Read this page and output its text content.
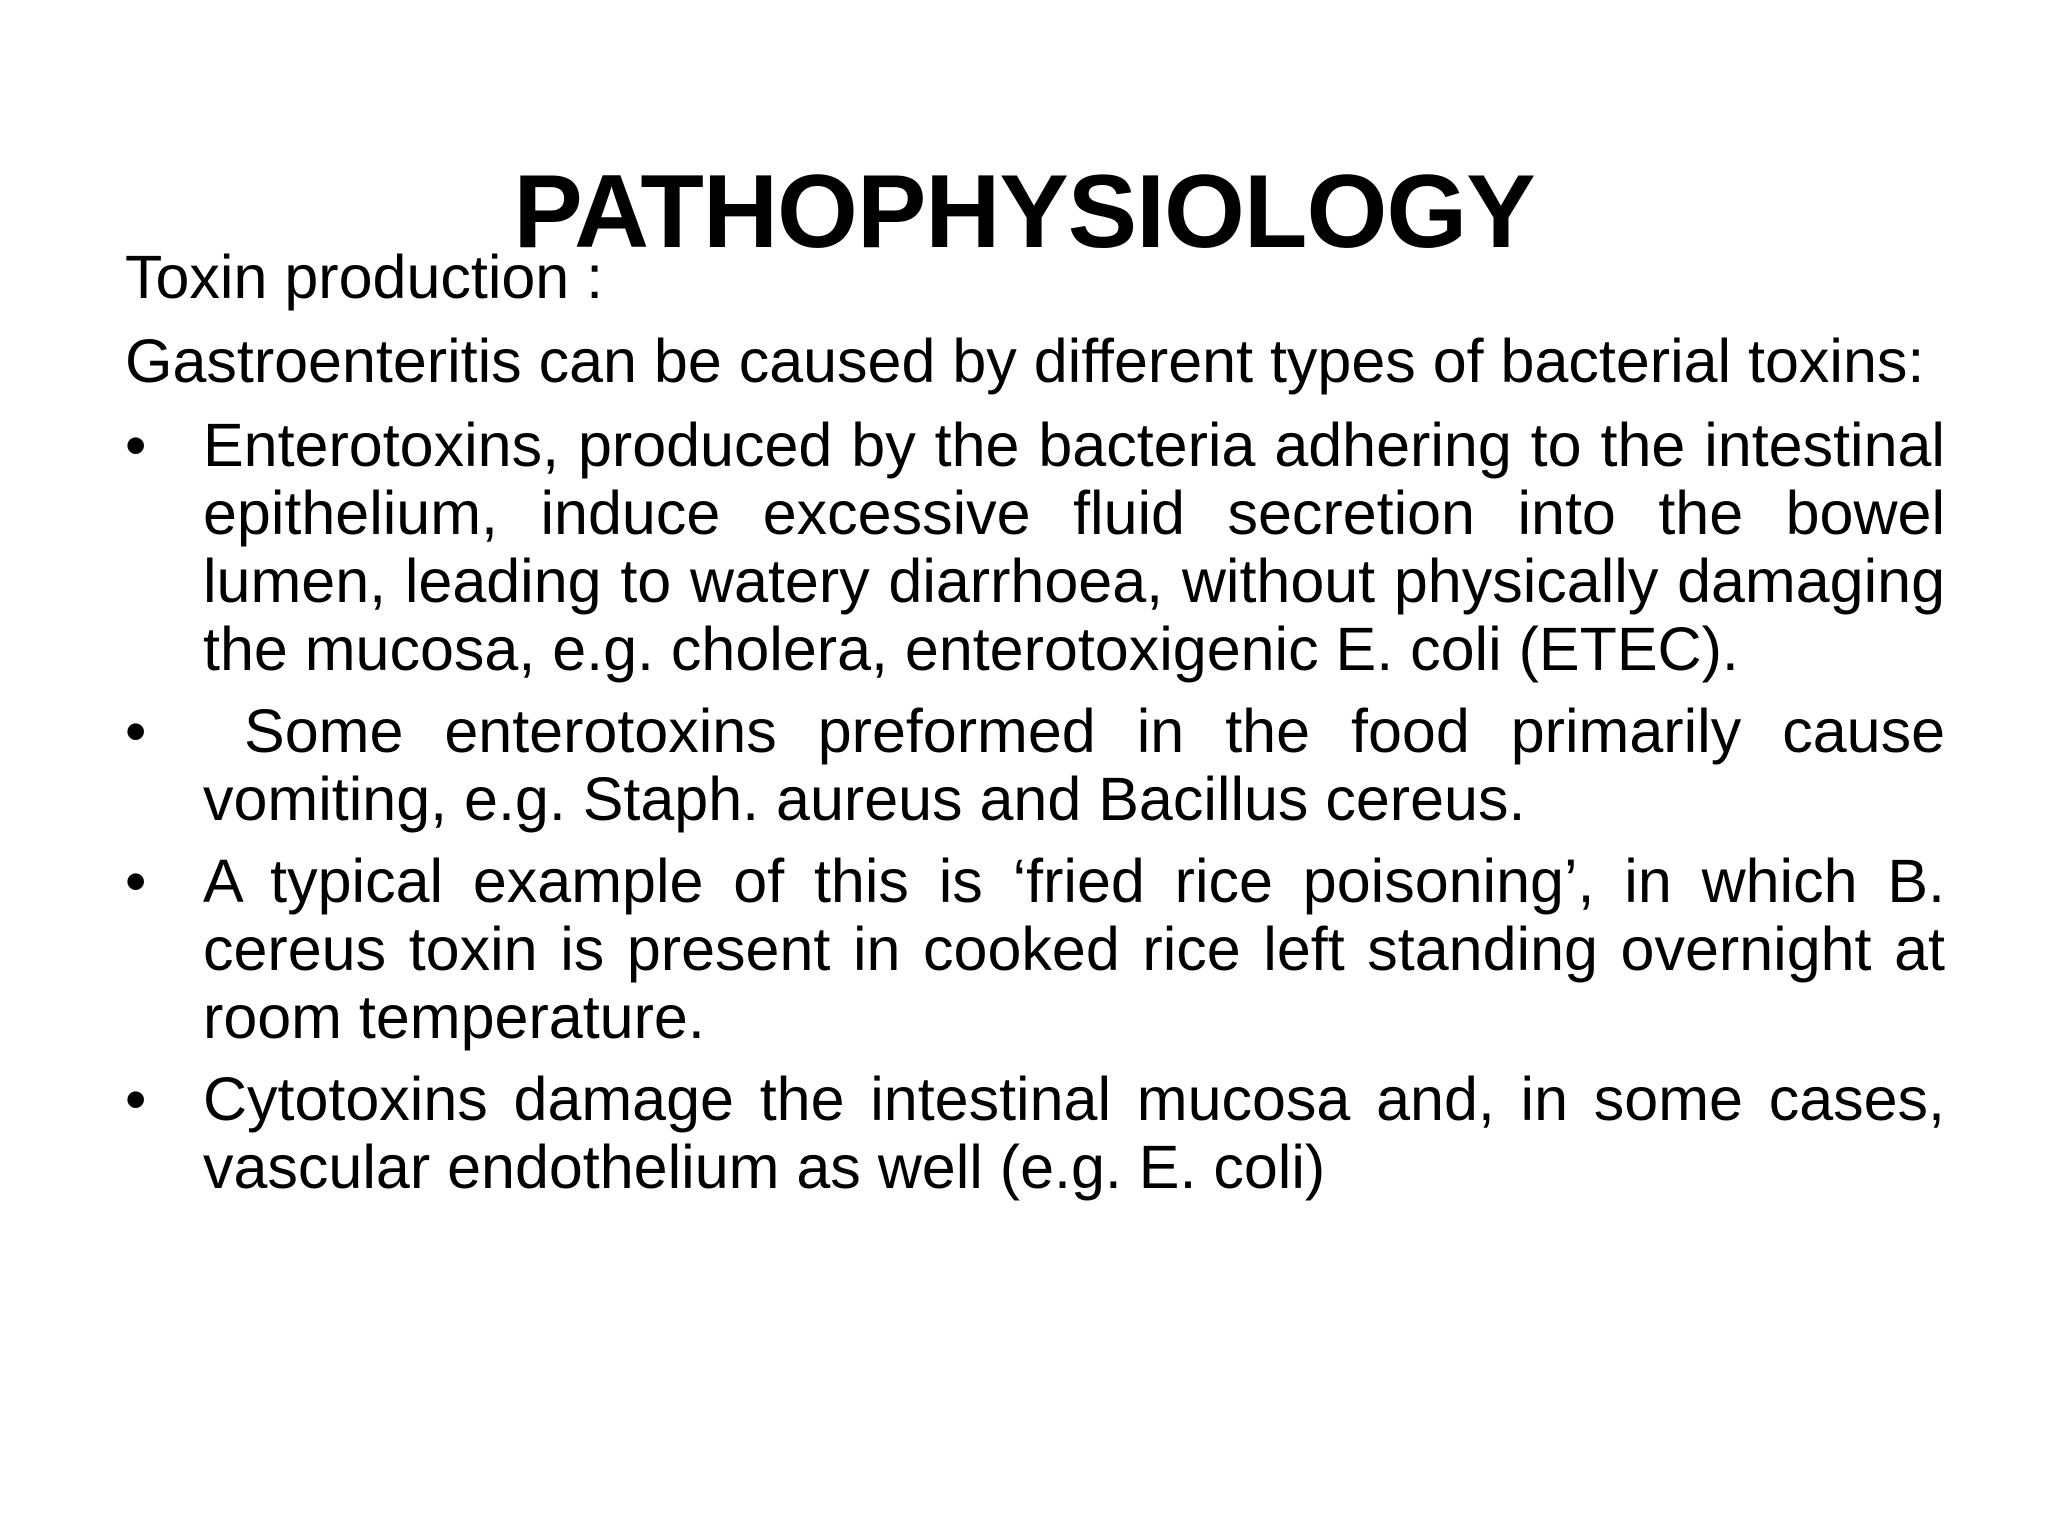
PATHOPHYSIOLOGY

Toxin production :

Gastroenteritis can be caused by different types of bacterial toxins:

• Enterotoxins, produced by the bacteria adhering to the intestinal epithelium, induce excessive fluid secretion into the bowel lumen, leading to watery diarrhoea, without physically damaging the mucosa, e.g. cholera, enterotoxigenic E. coli (ETEC).
• Some enterotoxins preformed in the food primarily cause vomiting, e.g. Staph. aureus and Bacillus cereus.
• A typical example of this is ‘fried rice poisoning’, in which B. cereus toxin is present in cooked rice left standing overnight at room temperature.
• Cytotoxins damage the intestinal mucosa and, in some cases, vascular endothelium as well (e.g. E. coli)
